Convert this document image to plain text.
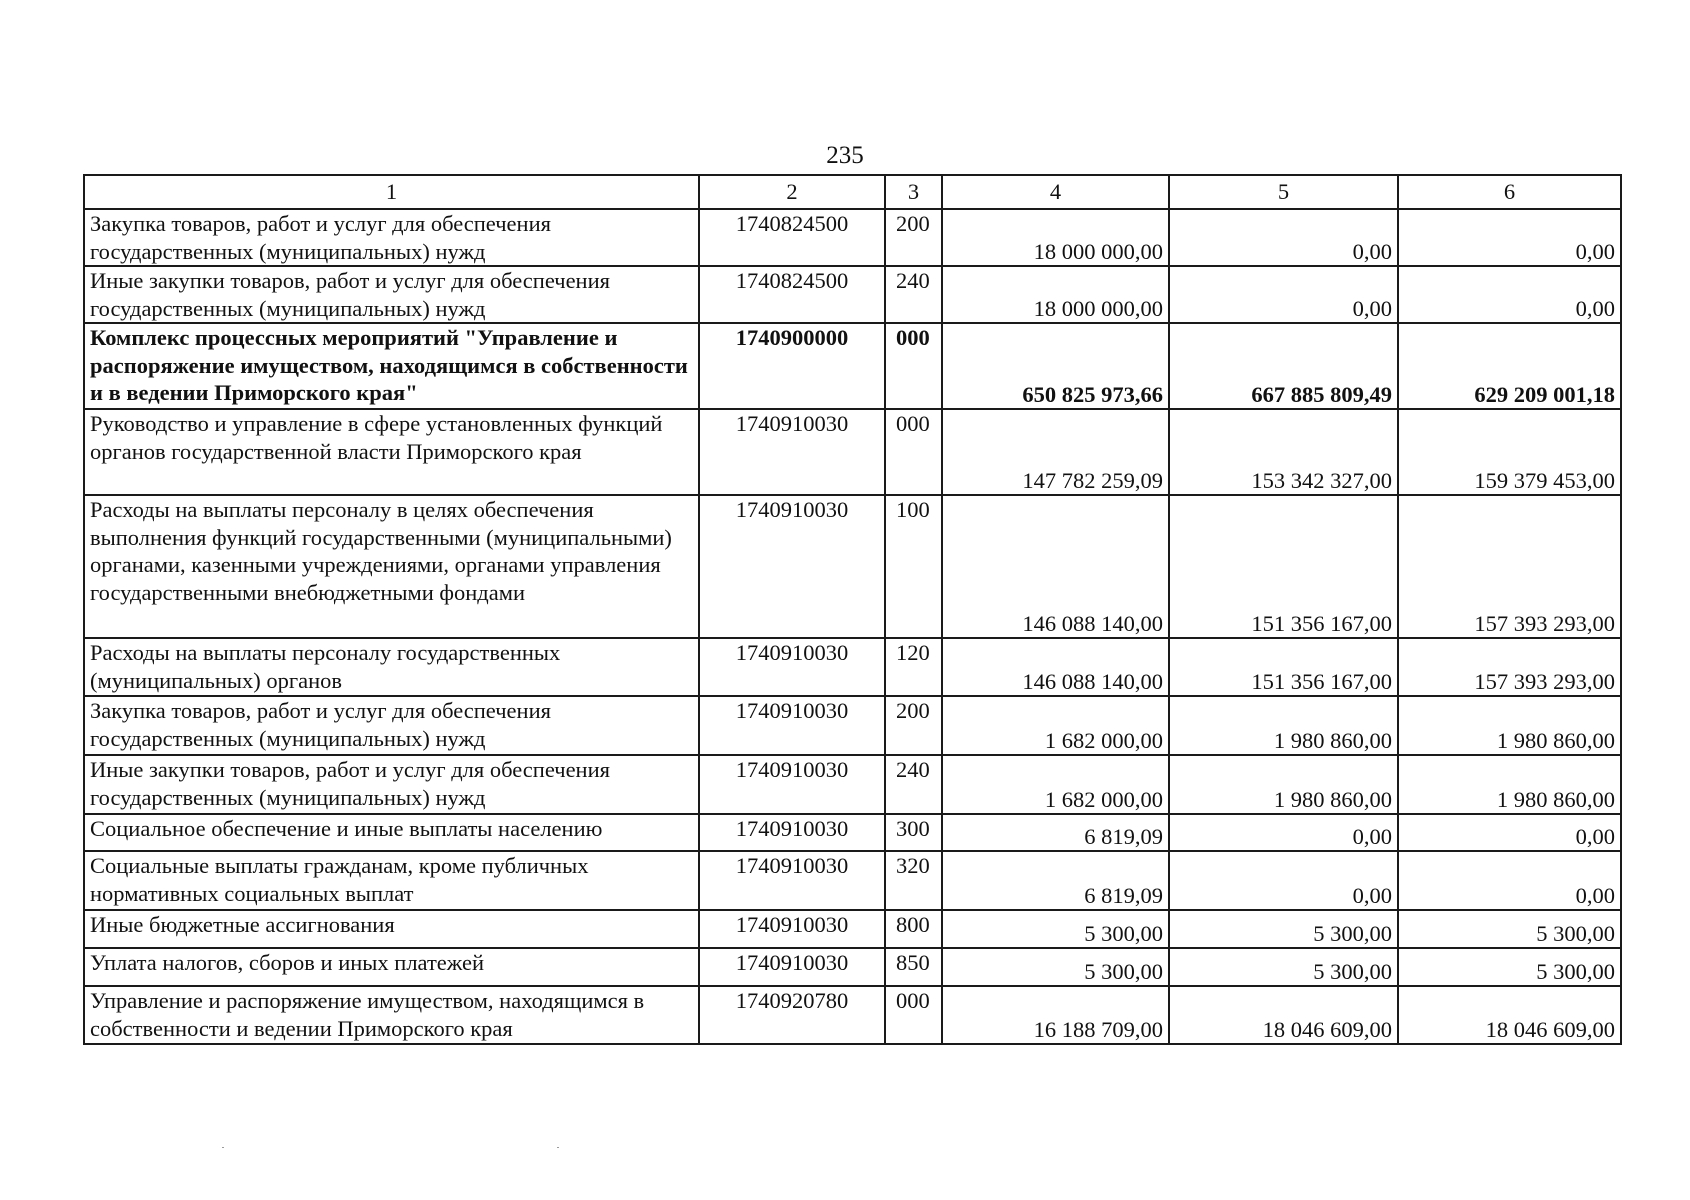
235
1	2	3	4	5	6
Закупка товаров, работ и услуг для обеспечения государственных (муниципальных) нужд	1740824500	200	18 000 000,00	0,00	0,00
Иные закупки товаров, работ и услуг для обеспечения государственных (муниципальных) нужд	1740824500	240	18 000 000,00	0,00	0,00
Комплекс процессных мероприятий "Управление и распоряжение имуществом, находящимся в собственности и в ведении Приморского края"	1740900000	000	650 825 973,66	667 885 809,49	629 209 001,18
Руководство и управление в сфере установленных функций органов государственной власти Приморского края	1740910030	000	147 782 259,09	153 342 327,00	159 379 453,00
Расходы на выплаты персоналу в целях обеспечения выполнения функций государственными (муниципальными) органами, казенными учреждениями, органами управления государственными внебюджетными фондами	1740910030	100	146 088 140,00	151 356 167,00	157 393 293,00
Расходы на выплаты персоналу государственных (муниципальных) органов	1740910030	120	146 088 140,00	151 356 167,00	157 393 293,00
Закупка товаров, работ и услуг для обеспечения государственных (муниципальных) нужд	1740910030	200	1 682 000,00	1 980 860,00	1 980 860,00
Иные закупки товаров, работ и услуг для обеспечения государственных (муниципальных) нужд	1740910030	240	1 682 000,00	1 980 860,00	1 980 860,00
Социальное обеспечение и иные выплаты населению	1740910030	300	6 819,09	0,00	0,00
Социальные выплаты гражданам, кроме публичных нормативных социальных выплат	1740910030	320	6 819,09	0,00	0,00
Иные бюджетные ассигнования	1740910030	800	5 300,00	5 300,00	5 300,00
Уплата налогов, сборов и иных платежей	1740910030	850	5 300,00	5 300,00	5 300,00
Управление и распоряжение имуществом, находящимся в собственности и ведении Приморского края	1740920780	000	16 188 709,00	18 046 609,00	18 046 609,00
